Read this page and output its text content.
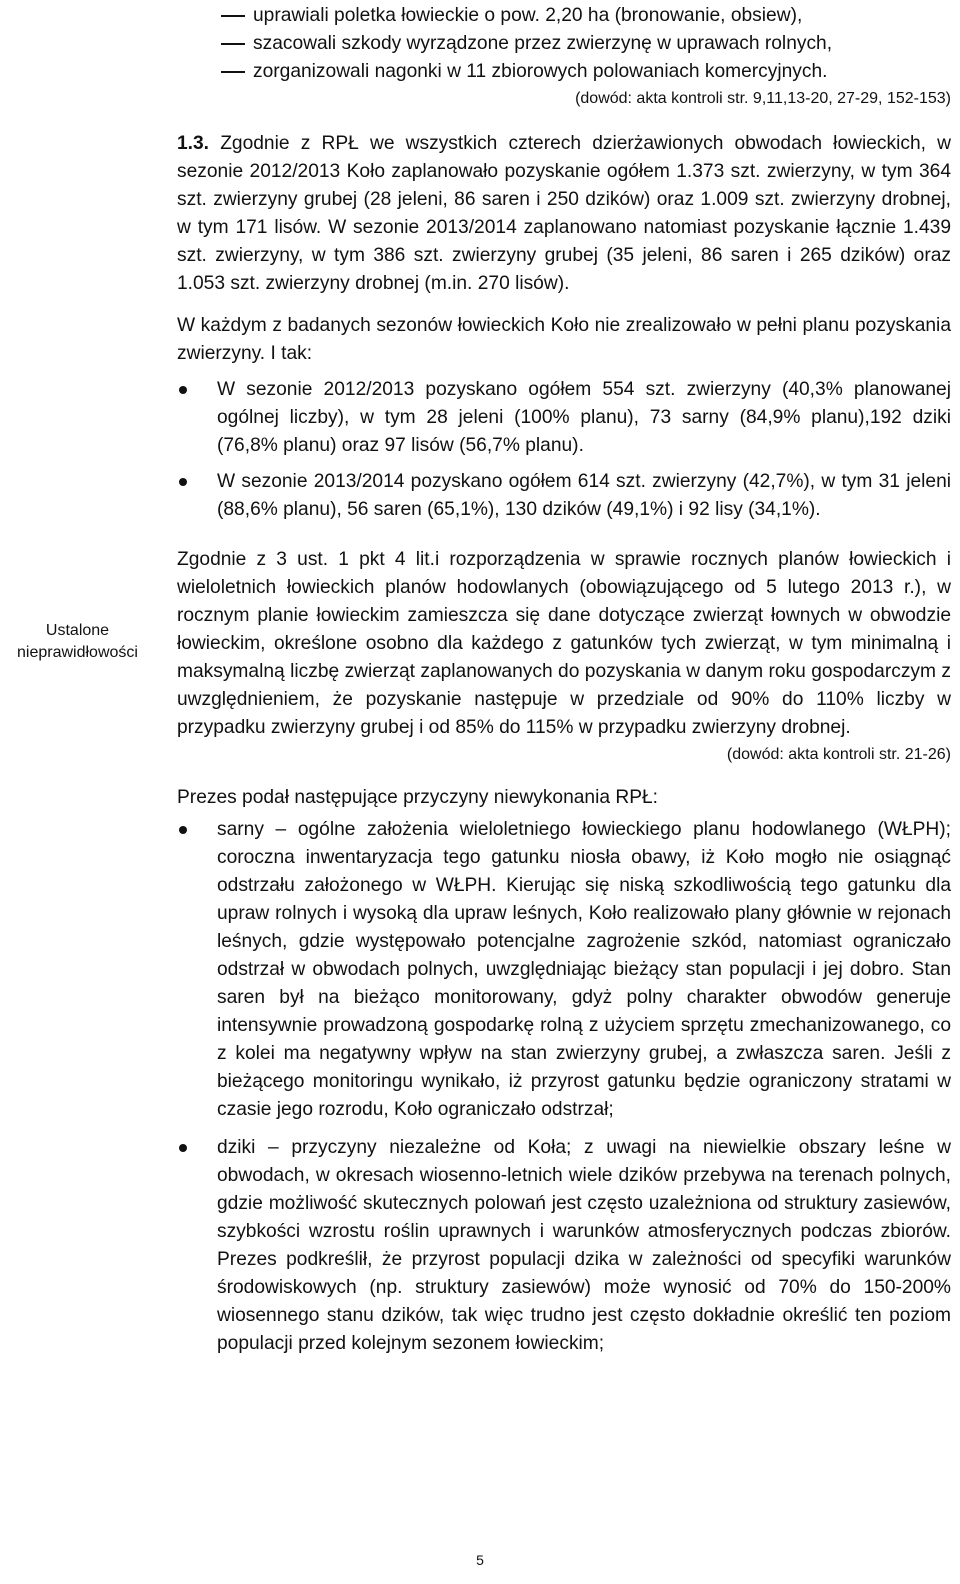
Ustalone nieprawidłowości
uprawiali poletka łowieckie o pow. 2,20 ha (bronowanie, obsiew),
szacowali szkody wyrządzone przez zwierzynę w uprawach rolnych,
zorganizowali nagonki w 11 zbiorowych polowaniach komercyjnych.
(dowód: akta kontroli str. 9,11,13-20, 27-29, 152-153)

1.3. Zgodnie z RPŁ we wszystkich czterech dzierżawionych obwodach łowieckich, w sezonie 2012/2013 Koło zaplanowało pozyskanie ogółem 1.373 szt. zwierzyny, w tym 364 szt. zwierzyny grubej (28 jeleni, 86 saren i 250 dzików) oraz 1.009 szt. zwierzyny drobnej, w tym 171 lisów. W sezonie 2013/2014 zaplanowano natomiast pozyskanie łącznie 1.439 szt. zwierzyny, w tym 386 szt. zwierzyny grubej (35 jeleni, 86 saren i 265 dzików) oraz 1.053 szt. zwierzyny drobnej (m.in. 270 lisów).

W każdym z badanych sezonów łowieckich Koło nie zrealizowało w pełni planu pozyskania zwierzyny. I tak:

W sezonie 2012/2013 pozyskano ogółem 554 szt. zwierzyny (40,3% planowanej ogólnej liczby), w tym 28 jeleni (100% planu), 73 sarny (84,9% planu),192 dziki (76,8% planu) oraz 97 lisów (56,7% planu).
W sezonie 2013/2014 pozyskano ogółem 614 szt. zwierzyny (42,7%), w tym 31 jeleni (88,6% planu), 56 saren (65,1%), 130 dzików (49,1%) i 92 lisy (34,1%).

Zgodnie z 3 ust. 1 pkt 4 lit.i rozporządzenia w sprawie rocznych planów łowieckich i wieloletnich łowieckich planów hodowlanych (obowiązującego od 5 lutego 2013 r.), w rocznym planie łowieckim zamieszcza się dane dotyczące zwierząt łownych w obwodzie łowieckim, określone osobno dla każdego z gatunków tych zwierząt, w tym minimalną i maksymalną liczbę zwierząt zaplanowanych do pozyskania w danym roku gospodarczym z uwzględnieniem, że pozyskanie następuje w przedziale od 90% do 110% liczby w przypadku zwierzyny grubej i od 85% do 115% w przypadku zwierzyny drobnej.

(dowód: akta kontroli str. 21-26)

Prezes podał następujące przyczyny niewykonania RPŁ:

sarny – ogólne założenia wieloletniego łowieckiego planu hodowlanego (WŁPH); coroczna inwentaryzacja tego gatunku niosła obawy, iż Koło mogło nie osiągnąć odstrzału założonego w WŁPH. Kierując się niską szkodliwością tego gatunku dla upraw rolnych i wysoką dla upraw leśnych, Koło realizowało plany głównie w rejonach leśnych, gdzie występowało potencjalne zagrożenie szkód, natomiast ograniczało odstrzał w obwodach polnych, uwzględniając bieżący stan populacji i jej dobro. Stan saren był na bieżąco monitorowany, gdyż polny charakter obwodów generuje intensywnie prowadzoną gospodarkę rolną z użyciem sprzętu zmechanizowanego, co z kolei ma negatywny wpływ na stan zwierzyny grubej, a zwłaszcza saren. Jeśli z bieżącego monitoringu wynikało, iż przyrost gatunku będzie ograniczony stratami w czasie jego rozrodu, Koło ograniczało odstrzał;
dziki – przyczyny niezależne od Koła; z uwagi na niewielkie obszary leśne w obwodach, w okresach wiosenno-letnich wiele dzików przebywa na terenach polnych, gdzie możliwość skutecznych polowań jest często uzależniona od struktury zasiewów, szybkości wzrostu roślin uprawnych i warunków atmosferycznych podczas zbiorów. Prezes podkreślił, że przyrost populacji dzika w zależności od specyfiki warunków środowiskowych (np. struktury zasiewów) może wynosić od 70% do 150-200% wiosennego stanu dzików, tak więc trudno jest często dokładnie określić ten poziom populacji przed kolejnym sezonem łowieckim;
5
